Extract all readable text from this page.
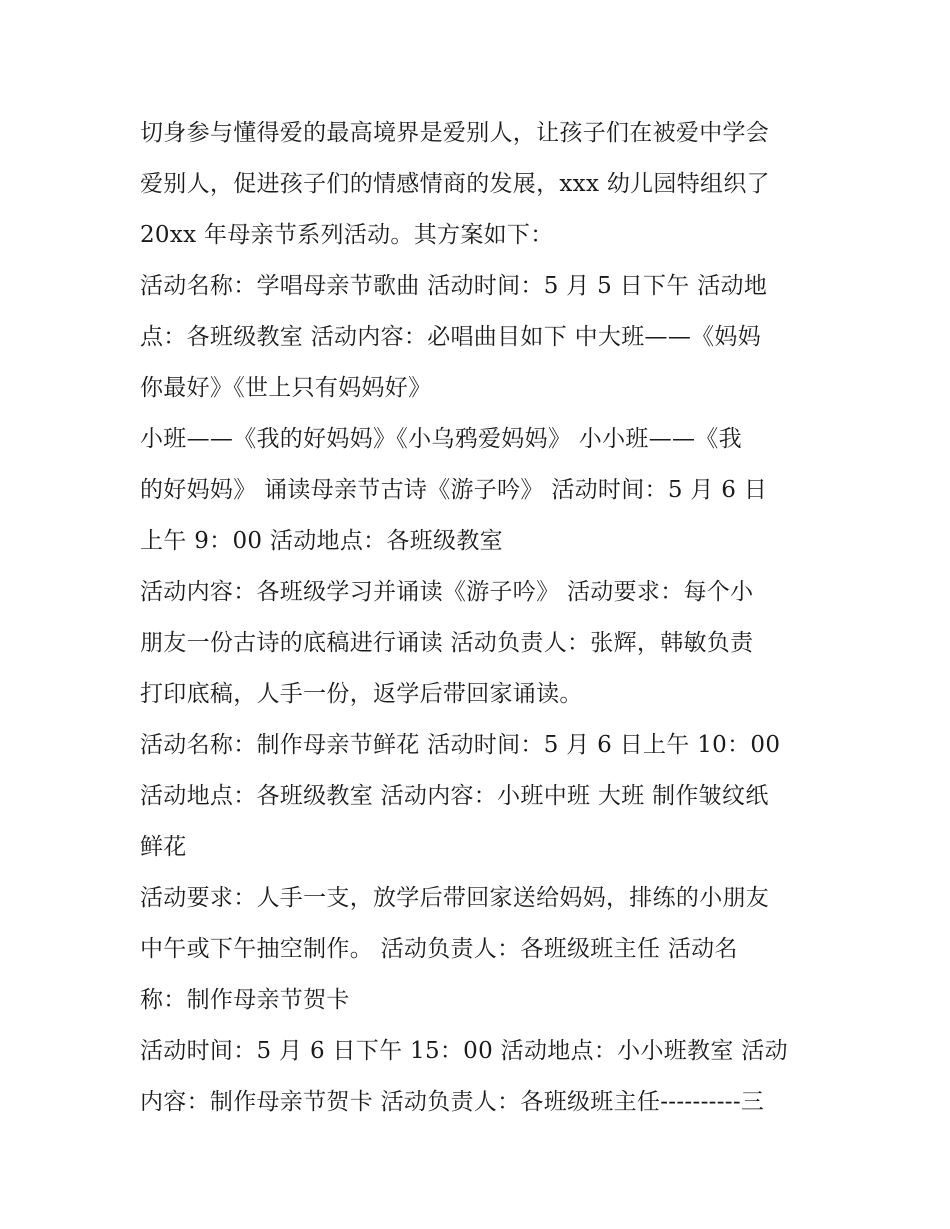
切身参与懂得爱的最高境界是爱别人，让孩子们在被爱中学会
爱别人，促进孩子们的情感情商的发展，xxx 幼儿园特组织了
20xx 年母亲节系列活动。其方案如下：
活动名称：学唱母亲节歌曲 活动时间：5 月 5 日下午 活动地
点：各班级教室 活动内容：必唱曲目如下 中大班——《妈妈
你最好》《世上只有妈妈好》
小班——《我的好妈妈》《小乌鸦爱妈妈》 小小班——《我
的好妈妈》 诵读母亲节古诗《游子吟》 活动时间：5 月 6 日
上午 9：00 活动地点：各班级教室
活动内容：各班级学习并诵读《游子吟》 活动要求：每个小
朋友一份古诗的底稿进行诵读 活动负责人：张辉，韩敏负责
打印底稿，人手一份，返学后带回家诵读。
活动名称：制作母亲节鲜花 活动时间：5 月 6 日上午 10：00
活动地点：各班级教室 活动内容：小班中班 大班 制作皱纹纸
鲜花
活动要求：人手一支，放学后带回家送给妈妈，排练的小朋友
中午或下午抽空制作。 活动负责人：各班级班主任 活动名
称：制作母亲节贺卡
活动时间：5 月 6 日下午 15：00 活动地点：小小班教室 活动
内容：制作母亲节贺卡 活动负责人：各班级班主任----------三
